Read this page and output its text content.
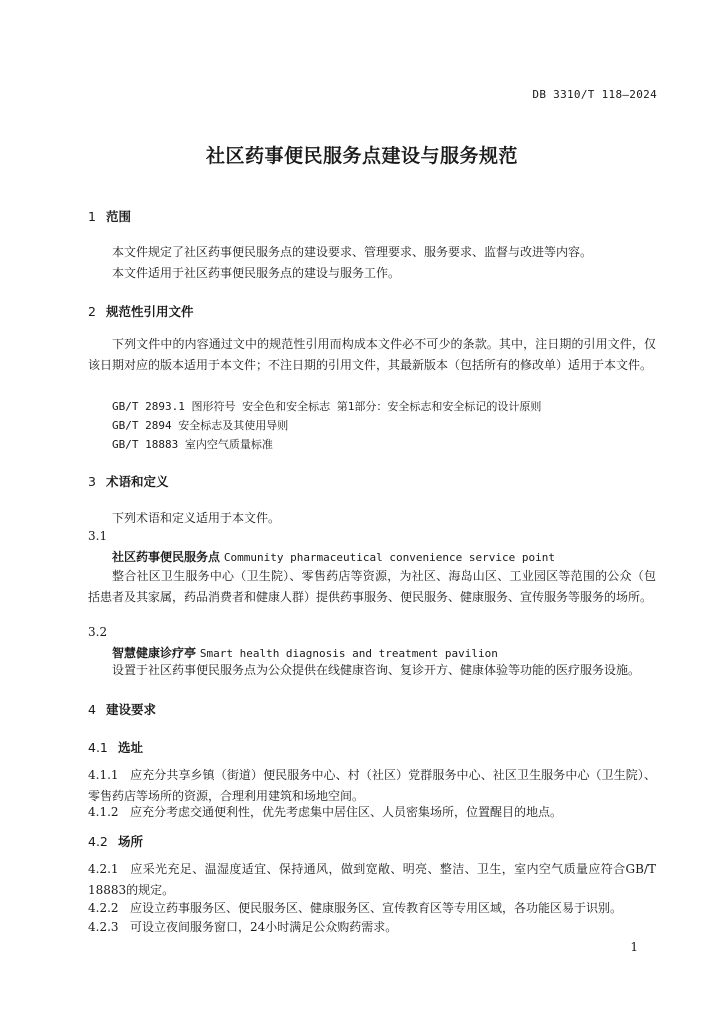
DB 3310/T 118—2024
社区药事便民服务点建设与服务规范
1 范围
本文件规定了社区药事便民服务点的建设要求、管理要求、服务要求、监督与改进等内容。
本文件适用于社区药事便民服务点的建设与服务工作。
2 规范性引用文件
下列文件中的内容通过文中的规范性引用而构成本文件必不可少的条款。其中，注日期的引用文件，仅该日期对应的版本适用于本文件；不注日期的引用文件，其最新版本（包括所有的修改单）适用于本文件。
GB/T 2893.1 图形符号 安全色和安全标志 第1部分：安全标志和安全标记的设计原则
GB/T 2894 安全标志及其使用导则
GB/T 18883 室内空气质量标准
3 术语和定义
下列术语和定义适用于本文件。
3.1
社区药事便民服务点 Community pharmaceutical convenience service point
整合社区卫生服务中心（卫生院）、零售药店等资源，为社区、海岛山区、工业园区等范围的公众（包括患者及其家属，药品消费者和健康人群）提供药事服务、便民服务、健康服务、宣传服务等服务的场所。
3.2
智慧健康诊疗亭 Smart health diagnosis and treatment pavilion
设置于社区药事便民服务点为公众提供在线健康咨询、复诊开方、健康体验等功能的医疗服务设施。
4 建设要求
4.1 选址
4.1.1 应充分共享乡镇（街道）便民服务中心、村（社区）党群服务中心、社区卫生服务中心（卫生院）、零售药店等场所的资源，合理利用建筑和场地空间。
4.1.2 应充分考虑交通便利性，优先考虑集中居住区、人员密集场所，位置醒目的地点。
4.2 场所
4.2.1 应采光充足、温湿度适宜、保持通风，做到宽敞、明亮、整洁、卫生，室内空气质量应符合GB/T 18883的规定。
4.2.2 应设立药事服务区、便民服务区、健康服务区、宣传教育区等专用区域，各功能区易于识别。
4.2.3 可设立夜间服务窗口，24小时满足公众购药需求。
1
